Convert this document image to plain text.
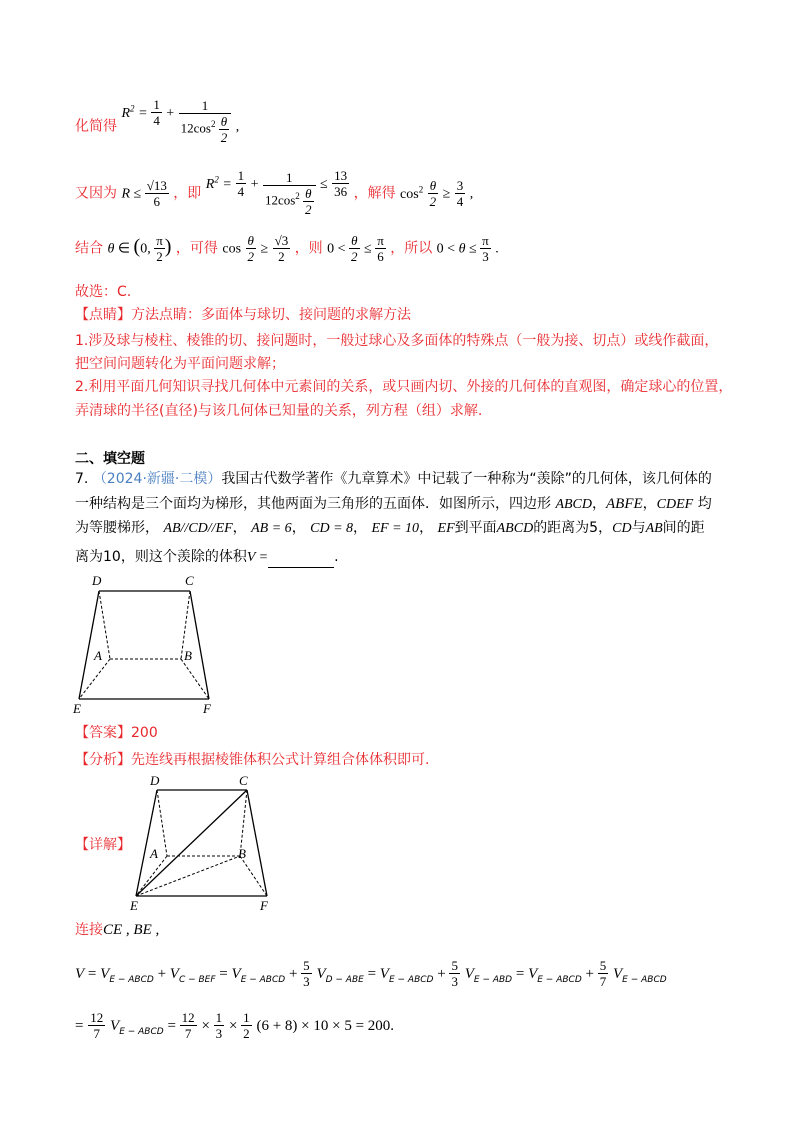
化简得 $R^2 = \frac{1}{4} + \frac{1}{12\cos^2 \frac{\theta}{2}}$ ,
又因为 $R \le \frac{√13}{6}$ ，即 $R^2 = \frac{1}{4} + \frac{1}{12\cos^2 \frac{\theta}{2}} \le \frac{13}{36}$ ，解得 $\cos^2 \frac{\theta}{2} \ge \frac{3}{4}$ ,
结合 θ ∈ (0, $\frac{\pi}{2}$ ) ，可得 $\cos \frac{\theta}{2} \ge \frac{√3}{2}$ ，则 $0 < \frac{\theta}{2} \le \frac{\pi}{6}$ ，所以 $0 < \theta \le \frac{\pi}{3}$ .
故选：C.
【点睛】方法点睛：多面体与球切、接问题的求解方法
1.涉及球与棱柱、棱锥的切、接问题时，一般过球心及多面体的特殊点（一般为接、切点）或线作截面，
把空间问题转化为平面问题求解；
2.利用平面几何知识寻找几何体中元素间的关系，或只画内切、外接的几何体的直观图，确定球心的位置，
弄清球的半径(直径)与该几何体已知量的关系，列方程（组）求解.
二、填空题
7. （2024·新疆·二模）我国古代数学著作《九章算术》中记载了一种称为“羡除”的几何体，该几何体的
一种结构是三个面均为梯形，其他两面为三角形的五面体．如图所示，四边形 ABCD，ABFE，CDEF 均
为等腰梯形， AB//CD//EF， AB = 6， CD = 8， EF = 10， EF到平面ABCD的距离为5，CD与AB间的距
离为10，则这个羡除的体积V =	.
D	C
A	B
E	F
【答案】200
【分析】先连线再根据棱锥体积公式计算组合体体积即可.
【详解】
D	C
A	B
E	F
连接CE , BE ,
$V = V_{E - ABCD} + V_{C - BEF} = V_{E - ABCD} + \frac{5}{3} V_{D - ABE} = V_{E - ABCD} + \frac{5}{3} V_{E - ABD} = V_{E - ABCD} + \frac{5}{7} V_{E - ABCD}$
= $\frac{12}{7} V_{E - ABCD} = \frac{12}{7} \times \frac{1}{3} \times \frac{1}{2} (6 + 8) \times 10 \times 5 = 200$.
